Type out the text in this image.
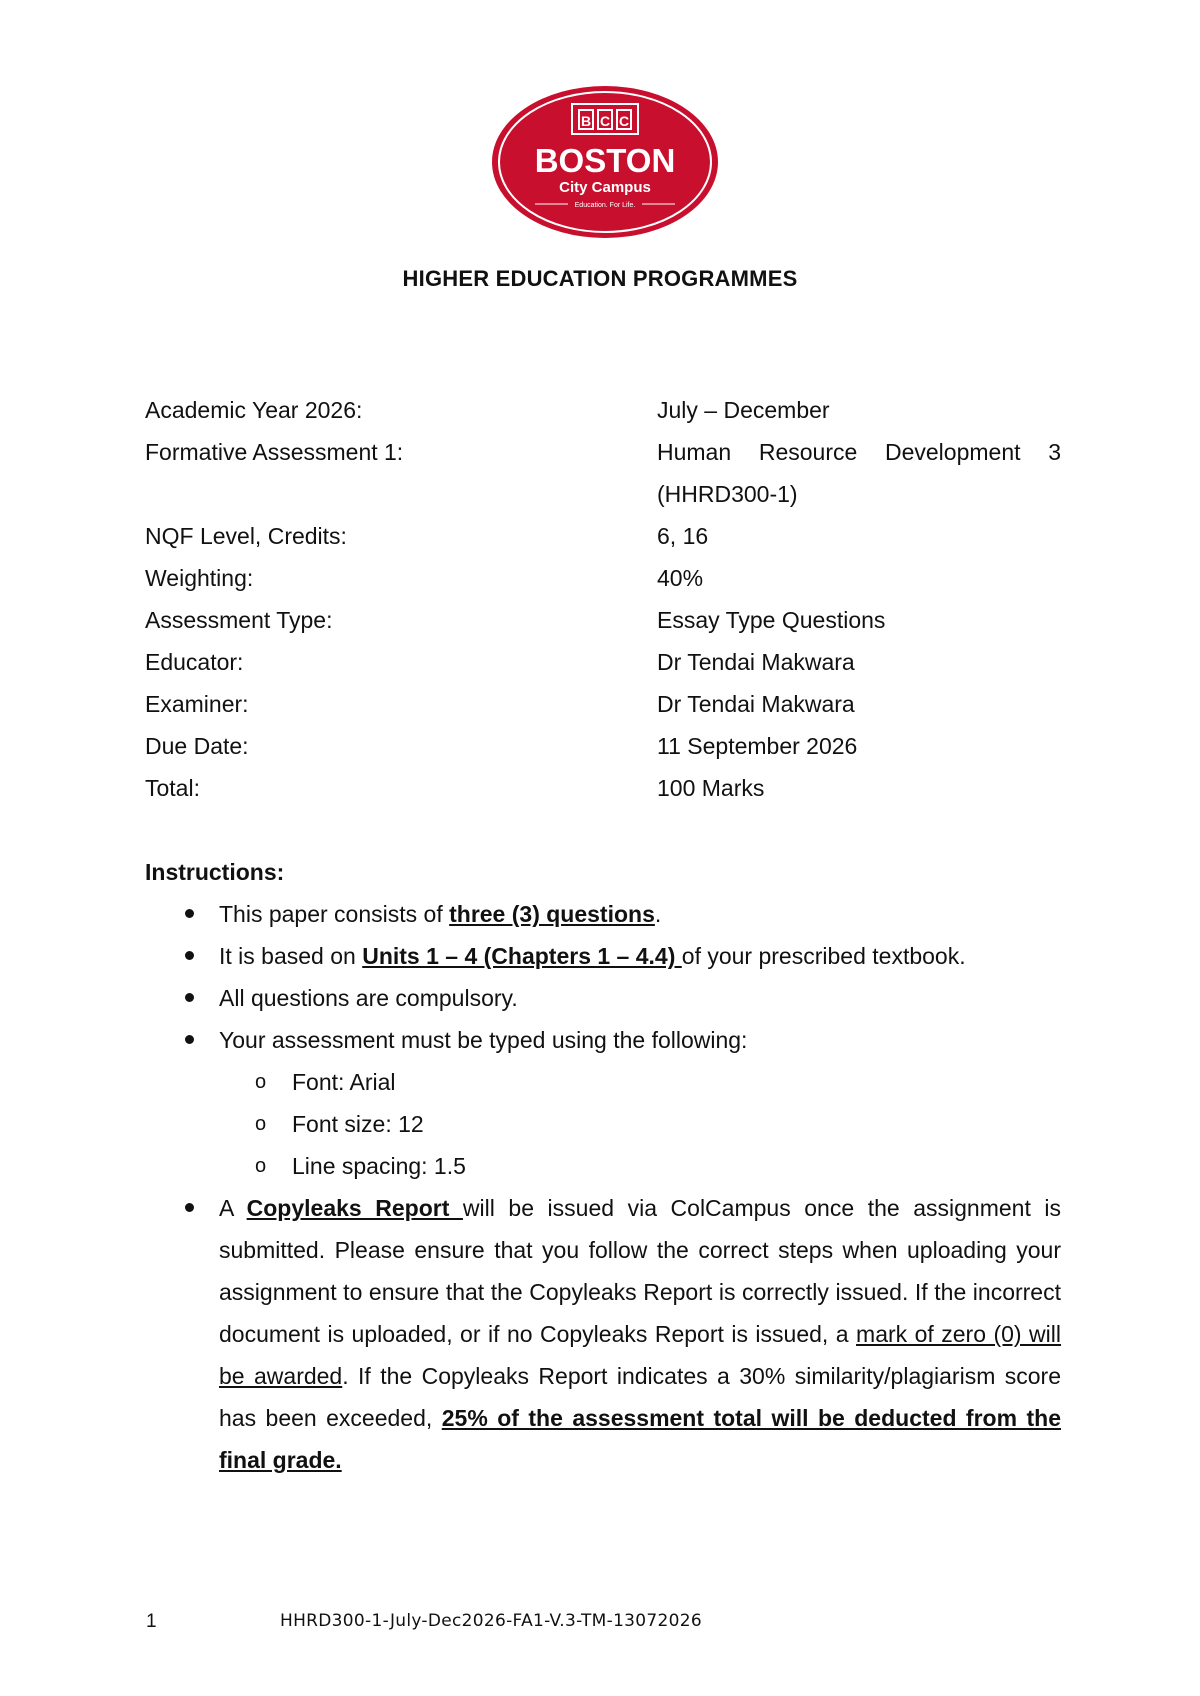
B C C
BOSTON
City Campus
Education. For Life.
HIGHER EDUCATION PROGRAMMES
Academic Year 2026:	July – December
Formative Assessment 1:	Human Resource Development 3
(HHRD300-1)
NQF Level, Credits:	6, 16
Weighting:	40%
Assessment Type:	Essay Type Questions
Educator:	Dr Tendai Makwara
Examiner:	Dr Tendai Makwara
Due Date:	11 September 2026
Total:	100 Marks

Instructions:

This paper consists of three (3) questions.
It is based on Units 1 – 4 (Chapters 1 – 4.4) of your prescribed textbook.
All questions are compulsory.
Your assessment must be typed using the following:
o Font: Arial
o Font size: 12
o Line spacing: 1.5
A Copyleaks Report will be issued via ColCampus once the assignment is submitted. Please ensure that you follow the correct steps when uploading your assignment to ensure that the Copyleaks Report is correctly issued. If the incorrect document is uploaded, or if no Copyleaks Report is issued, a mark of zero (0) will be awarded. If the Copyleaks Report indicates a 30% similarity/plagiarism score has been exceeded, 25% of the assessment total will be deducted from the final grade.
1	HHRD300-1-July-Dec2026-FA1-V.3-TM-13072026
